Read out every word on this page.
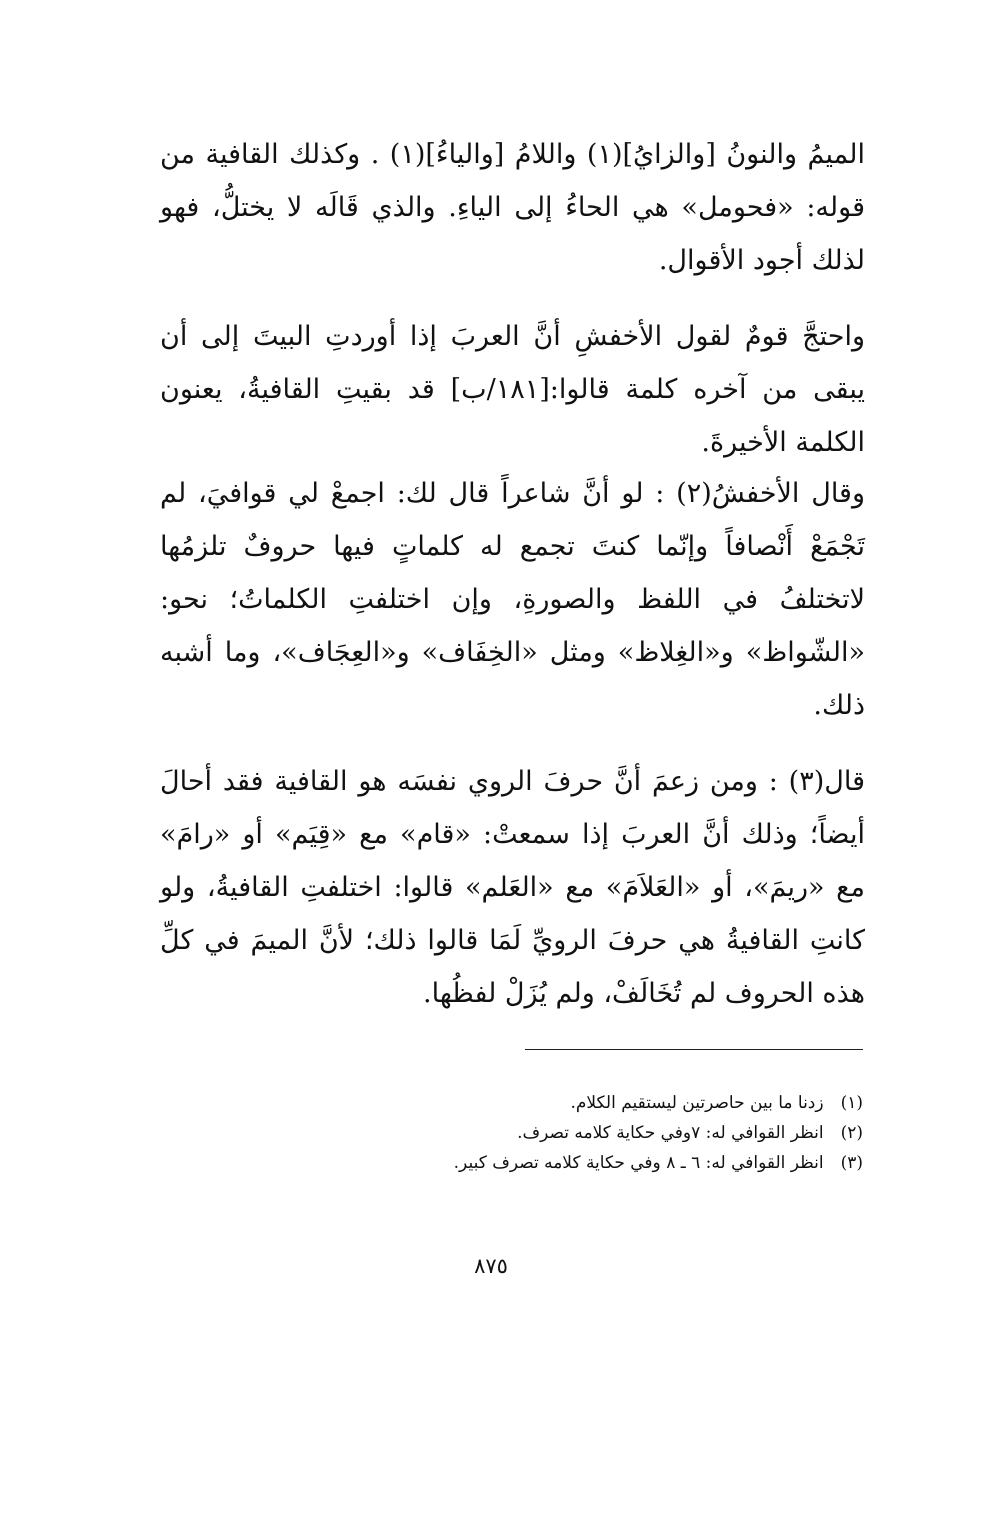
الميمُ والنونُ [والزايُ](١) واللامُ [والياءُ](١) . وكذلك القافية من قوله: «فحومل» هي الحاءُ إلى الياءِ. والذي قَالَه لا يختلُّ، فهو لذلك أجود الأقوال.

واحتجَّ قومٌ لقول الأخفشِ أنَّ العربَ إذا أوردتِ البيتَ إلى أن يبقى من آخره كلمة قالوا:[١٨١/ب] قد بقيتِ القافيةُ، يعنون الكلمة الأخيرةَ.

وقال الأخفشُ(٢) : لو أنَّ شاعراً قال لك: اجمعْ لي قوافيَ، لم تَجْمَعْ أَنْصافاً وإنّما كنتَ تجمع له كلماتٍ فيها حروفٌ تلزمُها لاتختلفُ في اللفظ والصورةِ، وإن اختلفتِ الكلماتُ؛ نحو: «الشّواظ» و«الغِلاظ» ومثل «الخِفَاف» و«العِجَاف»، وما أشبه ذلك.

قال(٣) : ومن زعمَ أنَّ حرفَ الروي نفسَه هو القافية فقد أحالَ أيضاً؛ وذلك أنَّ العربَ إذا سمعتْ: «قام» مع «قِيَم» أو «رامَ» مع «ريمَ»، أو «العَلاَمَ» مع «العَلم» قالوا: اختلفتِ القافيةُ، ولو كانتِ القافيةُ هي حرفَ الرويِّ لَمَا قالوا ذلك؛ لأنَّ الميمَ في كلِّ هذه الحروف لم تُخَالَفْ، ولم يُزَلْ لفظُها.

(١) زدنا ما بين حاصرتين ليستقيم الكلام.

(٢) انظر القوافي له: ٧وفي حكاية كلامه تصرف.

(٣) انظر القوافي له: ٦ ـ ٨ وفي حكاية كلامه تصرف كبير.

٨٧٥
